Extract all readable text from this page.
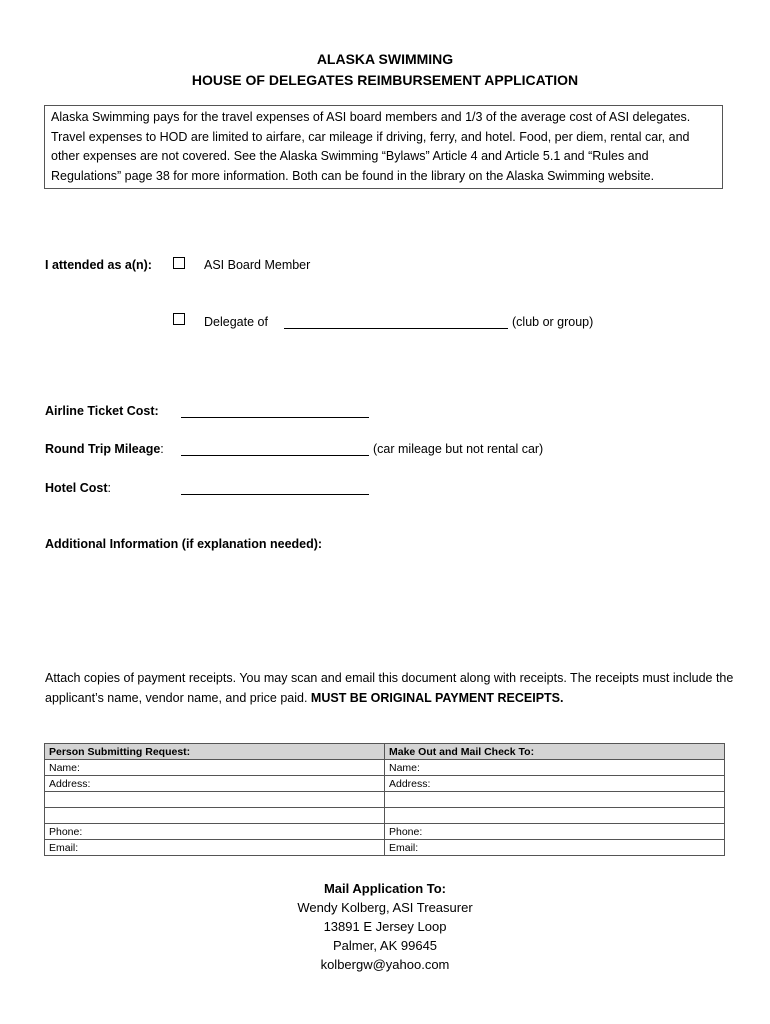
ALASKA SWIMMING
HOUSE OF DELEGATES REIMBURSEMENT APPLICATION
Alaska Swimming pays for the travel expenses of ASI board members and 1/3 of the average cost of ASI delegates. Travel expenses to HOD are limited to airfare, car mileage if driving, ferry, and hotel. Food, per diem, rental car, and other expenses are not covered. See the Alaska Swimming “Bylaws” Article 4 and Article 5.1 and “Rules and Regulations” page 38 for more information. Both can be found in the library on the Alaska Swimming website.
I attended as a(n):	ASI Board Member
Delegate of	(club or group)
Airline Ticket Cost:
Round Trip Mileage:	(car mileage but not rental car)
Hotel Cost:
Additional Information (if explanation needed):
Attach copies of payment receipts. You may scan and email this document along with receipts. The receipts must include the applicant’s name, vendor name, and price paid. MUST BE ORIGINAL PAYMENT RECEIPTS.
Person Submitting Request:	Make Out and Mail Check To:
Name:	Name:
Address:	Address:

Phone:	Phone:
Email:	Email:
Mail Application To:
Wendy Kolberg, ASI Treasurer
13891 E Jersey Loop
Palmer, AK 99645
kolbergw@yahoo.com
